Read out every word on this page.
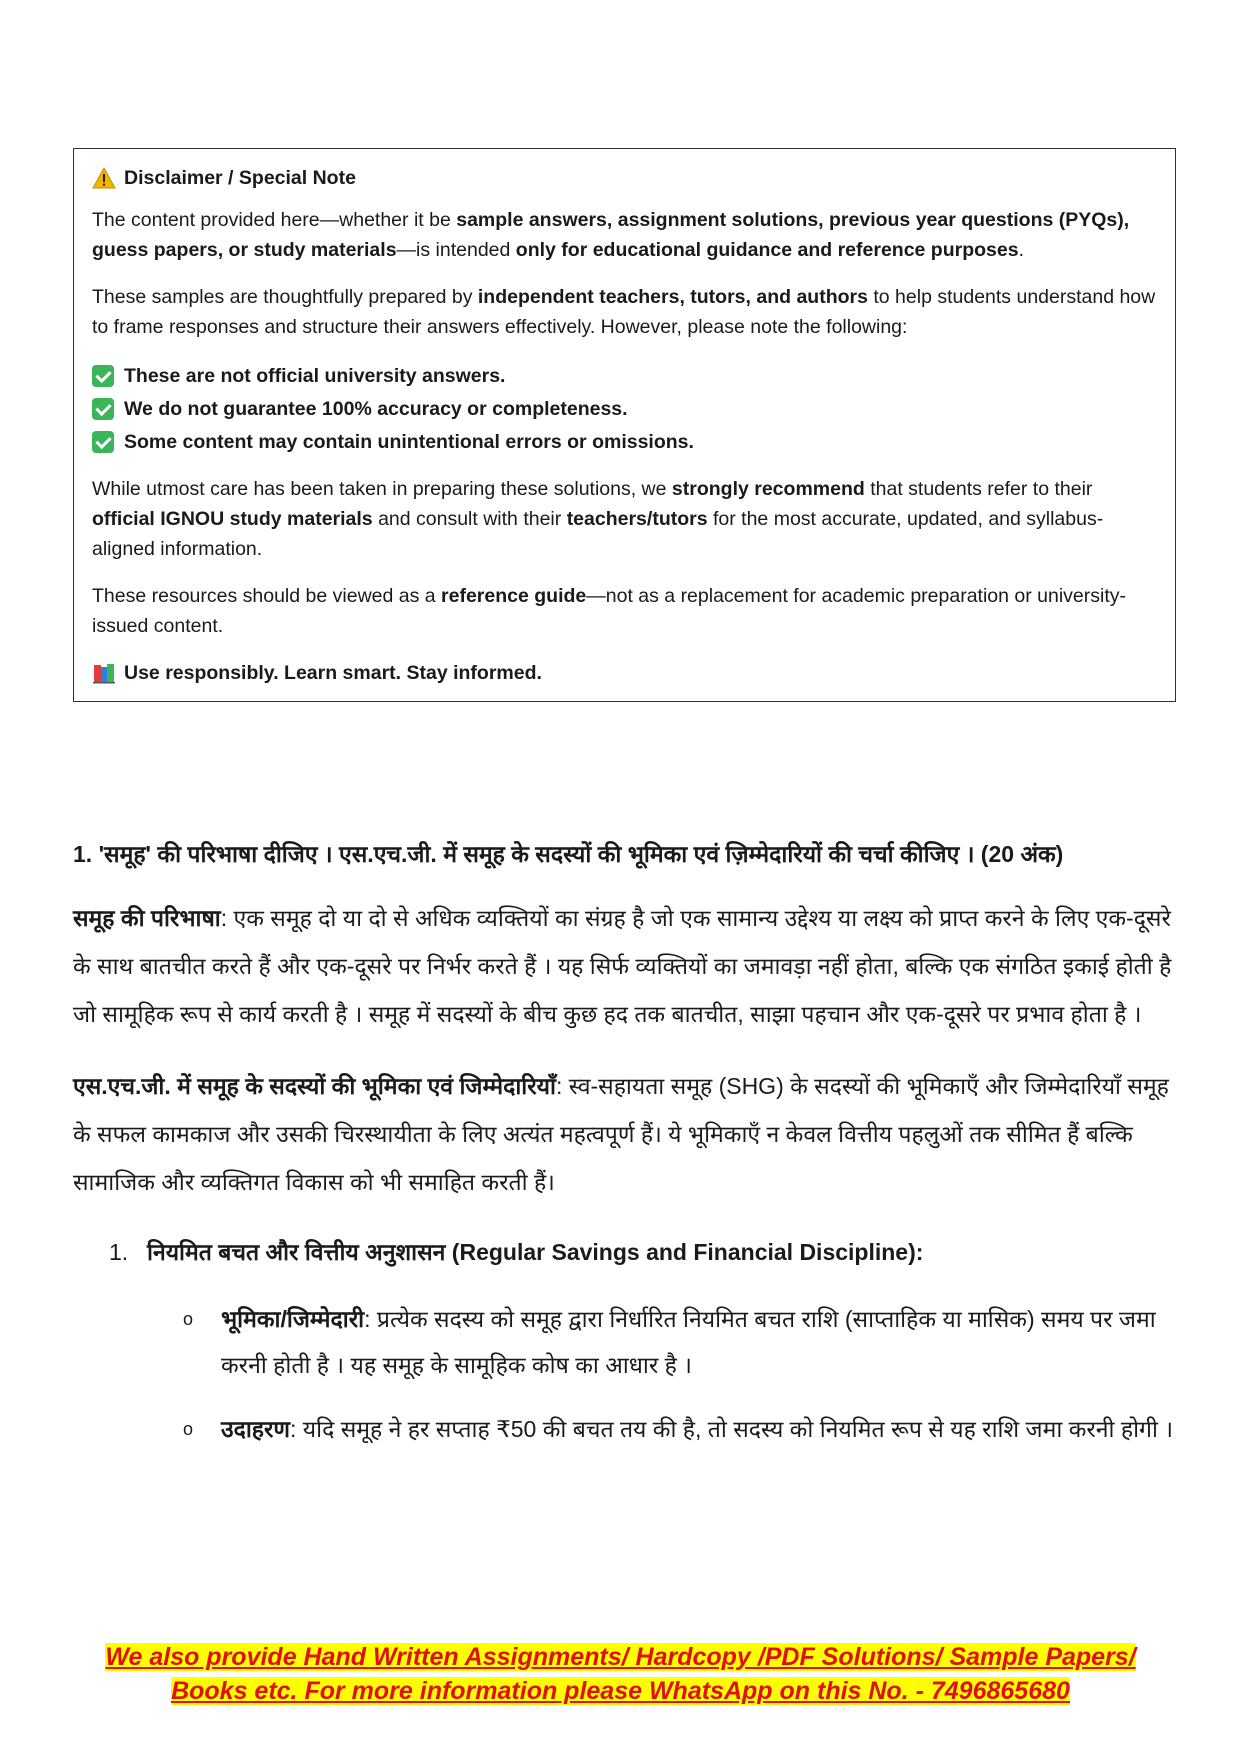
Disclaimer / Special Note

The content provided here—whether it be sample answers, assignment solutions, previous year questions (PYQs), guess papers, or study materials—is intended only for educational guidance and reference purposes.

These samples are thoughtfully prepared by independent teachers, tutors, and authors to help students understand how to frame responses and structure their answers effectively. However, please note the following:

These are not official university answers.
We do not guarantee 100% accuracy or completeness.
Some content may contain unintentional errors or omissions.

While utmost care has been taken in preparing these solutions, we strongly recommend that students refer to their official IGNOU study materials and consult with their teachers/tutors for the most accurate, updated, and syllabus-aligned information.

These resources should be viewed as a reference guide—not as a replacement for academic preparation or university-issued content.

Use responsibly. Learn smart. Stay informed.

1. 'समूह' की परिभाषा दीजिए । एस.एच.जी. में समूह के सदस्यों की भूमिका एवं ज़िम्मेदारियों की चर्चा कीजिए । (20 अंक)

समूह की परिभाषा: एक समूह दो या दो से अधिक व्यक्तियों का संग्रह है जो एक सामान्य उद्देश्य या लक्ष्य को प्राप्त करने के लिए एक-दूसरे के साथ बातचीत करते हैं और एक-दूसरे पर निर्भर करते हैं । यह सिर्फ व्यक्तियों का जमावड़ा नहीं होता, बल्कि एक संगठित इकाई होती है जो सामूहिक रूप से कार्य करती है । समूह में सदस्यों के बीच कुछ हद तक बातचीत, साझा पहचान और एक-दूसरे पर प्रभाव होता है ।

एस.एच.जी. में समूह के सदस्यों की भूमिका एवं जिम्मेदारियाँ: स्व-सहायता समूह (SHG) के सदस्यों की भूमिकाएँ और जिम्मेदारियाँ समूह के सफल कामकाज और उसकी चिरस्थायीता के लिए अत्यंत महत्वपूर्ण हैं। ये भूमिकाएँ न केवल वित्तीय पहलुओं तक सीमित हैं बल्कि सामाजिक और व्यक्तिगत विकास को भी समाहित करती हैं।

1. नियमित बचत और वित्तीय अनुशासन (Regular Savings and Financial Discipline):
o	भूमिका/जिम्मेदारी: प्रत्येक सदस्य को समूह द्वारा निर्धारित नियमित बचत राशि (साप्ताहिक या मासिक) समय पर जमा करनी होती है । यह समूह के सामूहिक कोष का आधार है ।
o	उदाहरण: यदि समूह ने हर सप्ताह ₹50 की बचत तय की है, तो सदस्य को नियमित रूप से यह राशि जमा करनी होगी ।
We also provide Hand Written Assignments/ Hardcopy /PDF Solutions/ Sample Papers/
Books etc. For more information please WhatsApp on this No. - 7496865680
